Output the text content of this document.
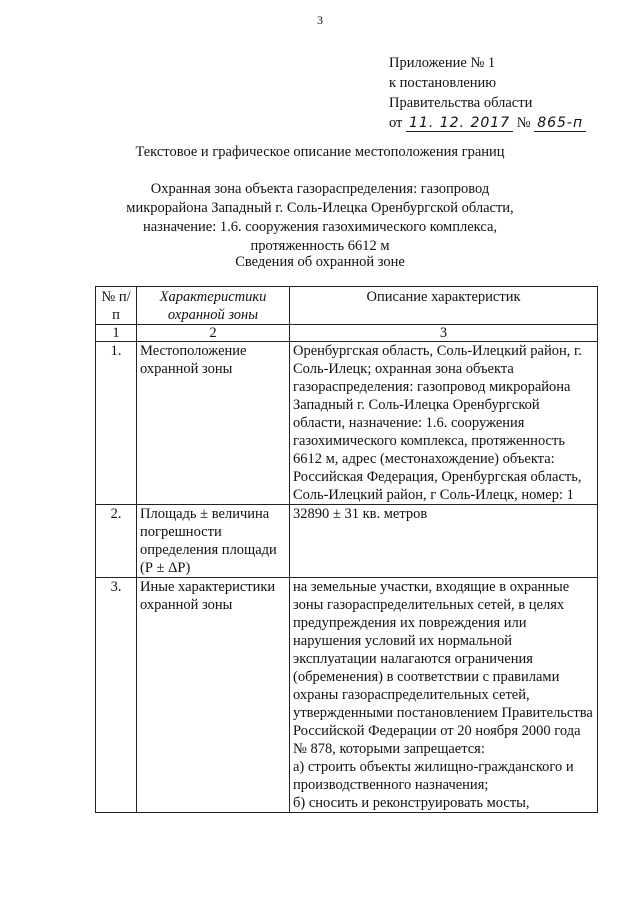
3
Приложение № 1
к постановлению
Правительства области
от 11. 12. 2017 № 865-п
Текстовое и графическое описание местоположения границ
Охранная зона объекта газораспределения: газопровод микрорайона Западный г. Соль-Илецка Оренбургской области, назначение: 1.6. сооружения газохимического комплекса, протяженность 6612 м
Сведения об охранной зоне
№ п/п	Характеристики охранной зоны	Описание характеристик
1	2	3
1.	Местоположение охранной зоны	Оренбургская область, Соль-Илецкий район, г. Соль-Илецк; охранная зона объекта газораспределения: газопровод микрорайона Западный г. Соль-Илецка Оренбургской области, назначение: 1.6. сооружения газохимического комплекса, протяженность 6612 м, адрес (местонахождение) объекта: Российская Федерация, Оренбургская область, Соль-Илецкий район, г Соль-Илецк, номер: 1
2.	Площадь ± величина погрешности определения площади (Р ± ΔР)	32890 ± 31 кв. метров
3.	Иные характеристики охранной зоны	на земельные участки, входящие в охранные зоны газораспределительных сетей, в целях предупреждения их повреждения или нарушения условий их нормальной эксплуатации налагаются ограничения (обременения) в соответствии с правилами охраны газораспределительных сетей, утвержденными постановлением Правительства Российской Федерации от 20 ноября 2000 года № 878, которыми запрещается:
а) строить объекты жилищно-гражданского и производственного назначения;
б) сносить и реконструировать мосты,
